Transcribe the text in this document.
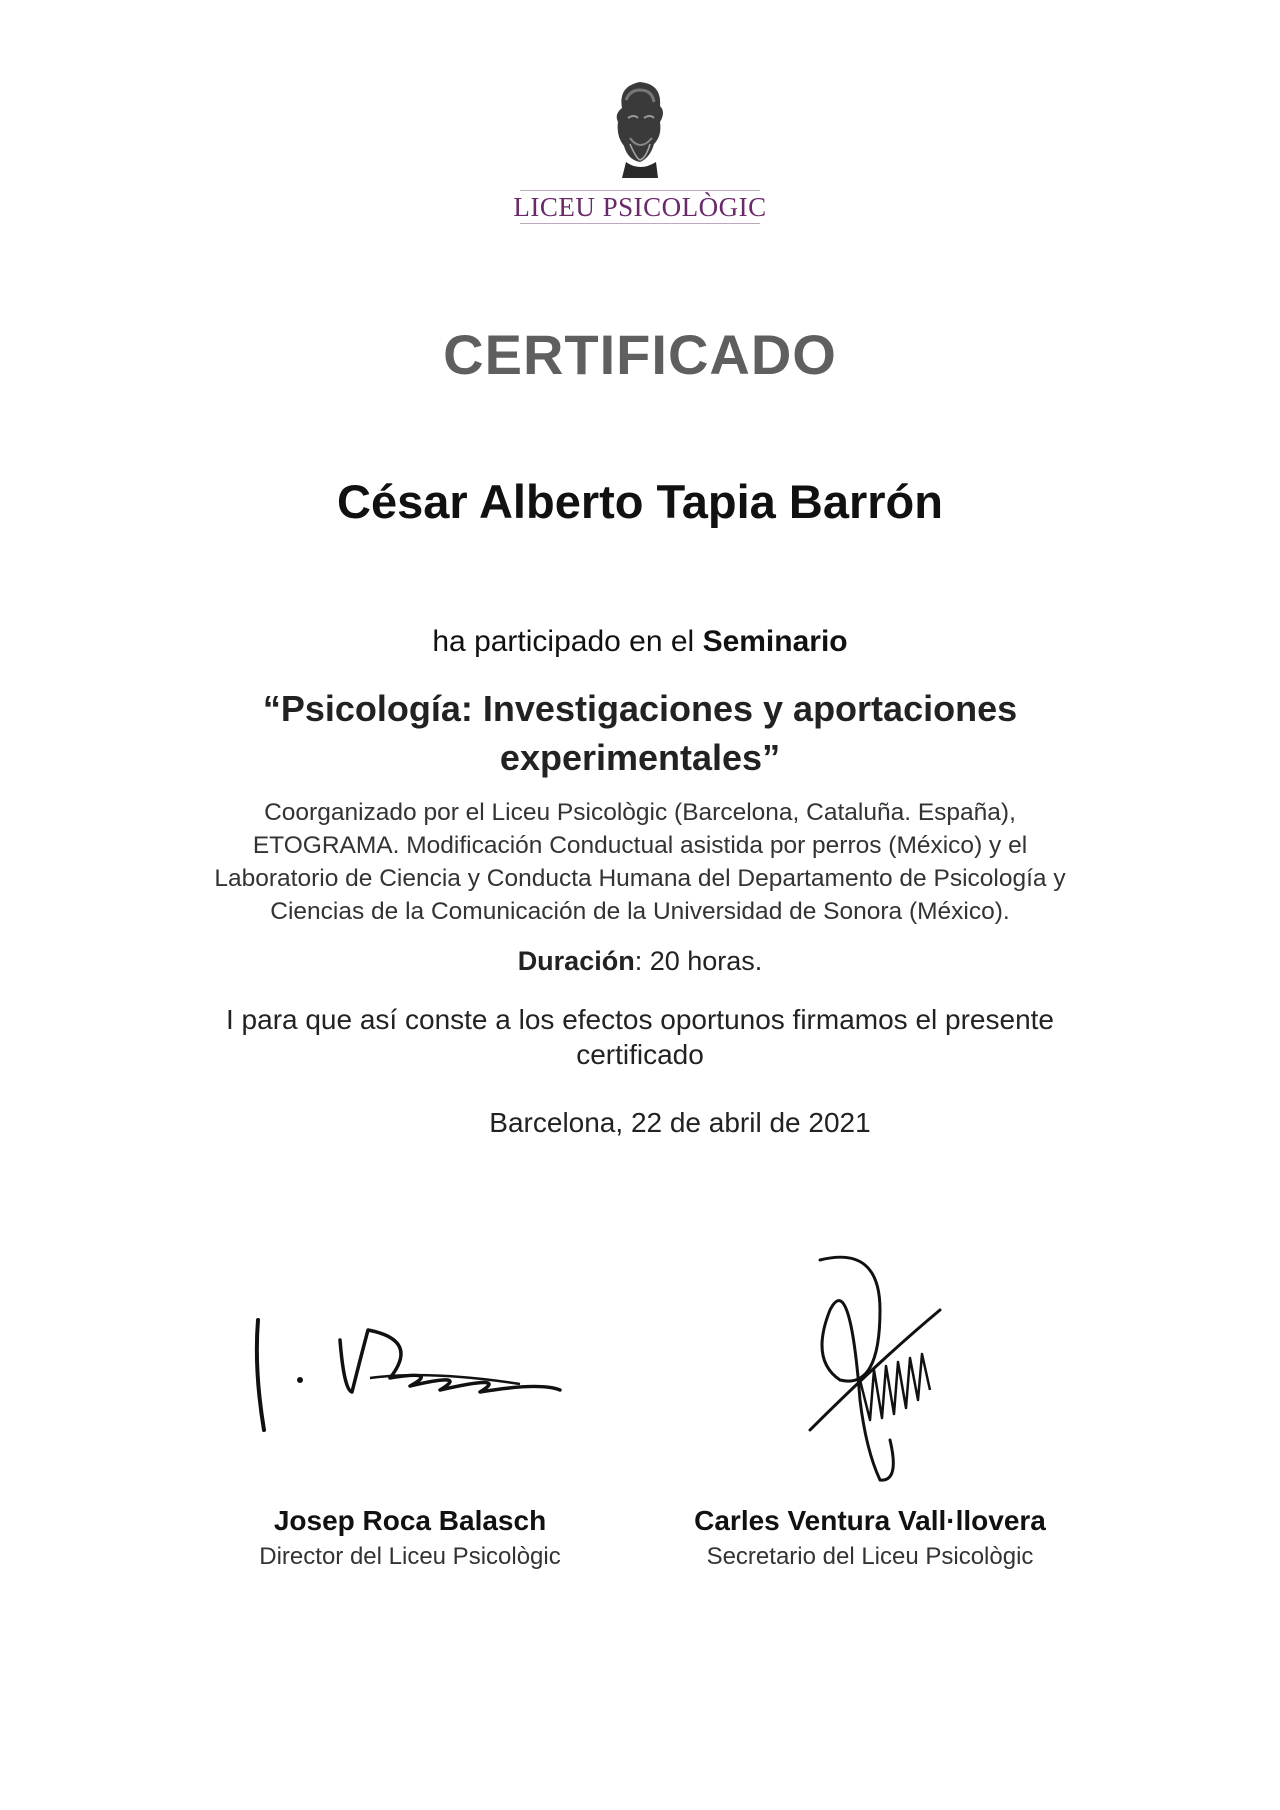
LICEU PSICOLÒGIC
CERTIFICADO
César Alberto Tapia Barrón
ha participado en el Seminario
“Psicología: Investigaciones y aportaciones
experimentales”
Coorganizado por el Liceu Psicològic (Barcelona, Cataluña. España),
ETOGRAMA. Modificación Conductual asistida por perros (México) y el
Laboratorio de Ciencia y Conducta Humana del Departamento de Psicología y
Ciencias de la Comunicación de la Universidad de Sonora (México).
Duración: 20 horas.
I para que así conste a los efectos oportunos firmamos el presente
certificado
Barcelona, 22 de abril de 2021
Josep Roca Balasch
Director del Liceu Psicològic
Carles Ventura Vall·llovera
Secretario del Liceu Psicològic
